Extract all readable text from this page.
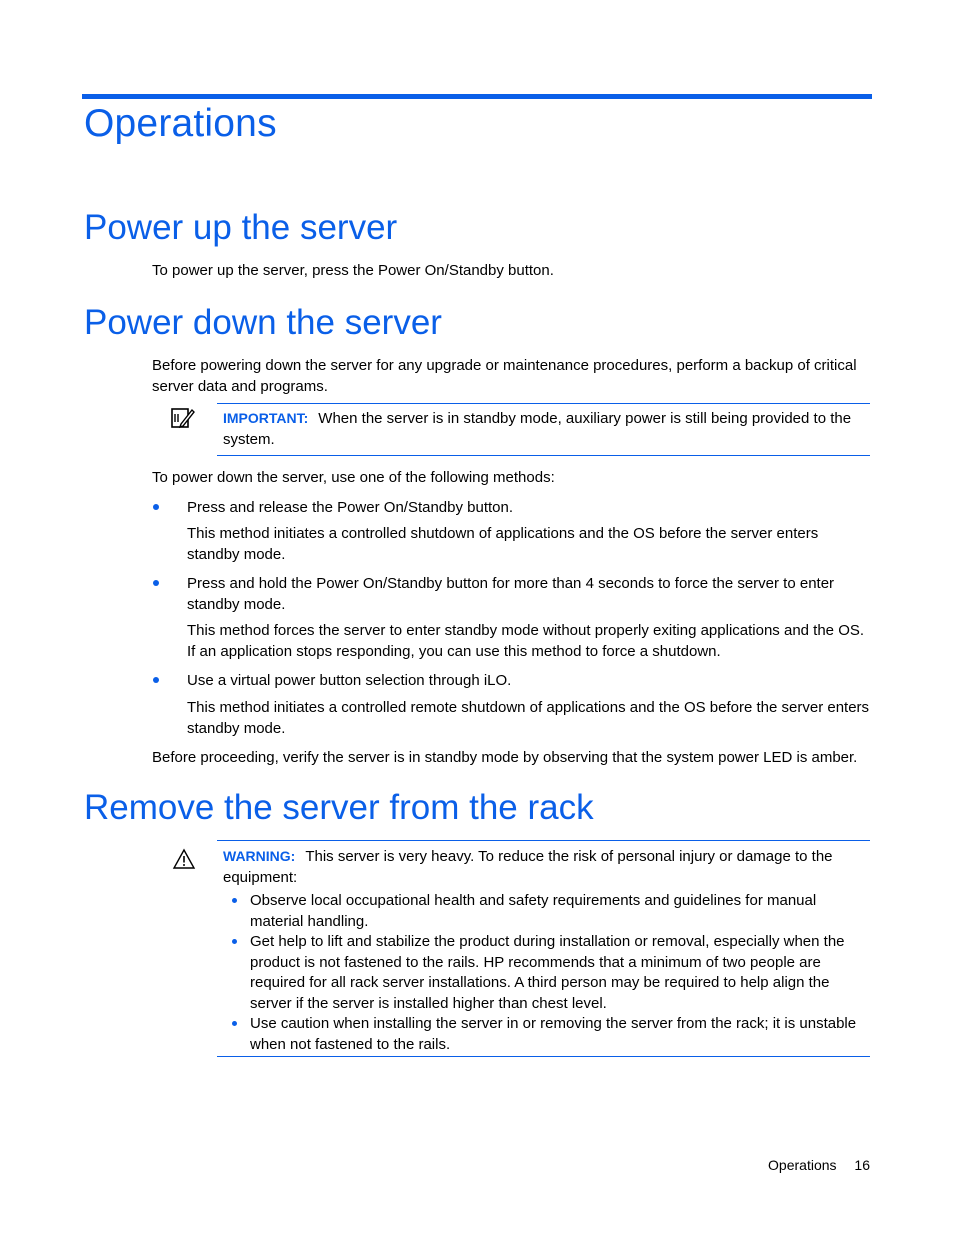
Operations
Power up the server

To power up the server, press the Power On/Standby button.

Power down the server

Before powering down the server for any upgrade or maintenance procedures, perform a backup of critical server data and programs.

IMPORTANT: When the server is in standby mode, auxiliary power is still being provided to the system.

To power down the server, use one of the following methods:

Press and release the Power On/Standby button.

This method initiates a controlled shutdown of applications and the OS before the server enters standby mode.

Press and hold the Power On/Standby button for more than 4 seconds to force the server to enter standby mode.

This method forces the server to enter standby mode without properly exiting applications and the OS. If an application stops responding, you can use this method to force a shutdown.

Use a virtual power button selection through iLO.

This method initiates a controlled remote shutdown of applications and the OS before the server enters standby mode.

Before proceeding, verify the server is in standby mode by observing that the system power LED is amber.

Remove the server from the rack
WARNING: This server is very heavy. To reduce the risk of personal injury or damage to the equipment:
Observe local occupational health and safety requirements and guidelines for manual material handling.
Get help to lift and stabilize the product during installation or removal, especially when the product is not fastened to the rails. HP recommends that a minimum of two people are required for all rack server installations. A third person may be required to help align the server if the server is installed higher than chest level.
Use caution when installing the server in or removing the server from the rack; it is unstable when not fastened to the rails.
Operations 16
